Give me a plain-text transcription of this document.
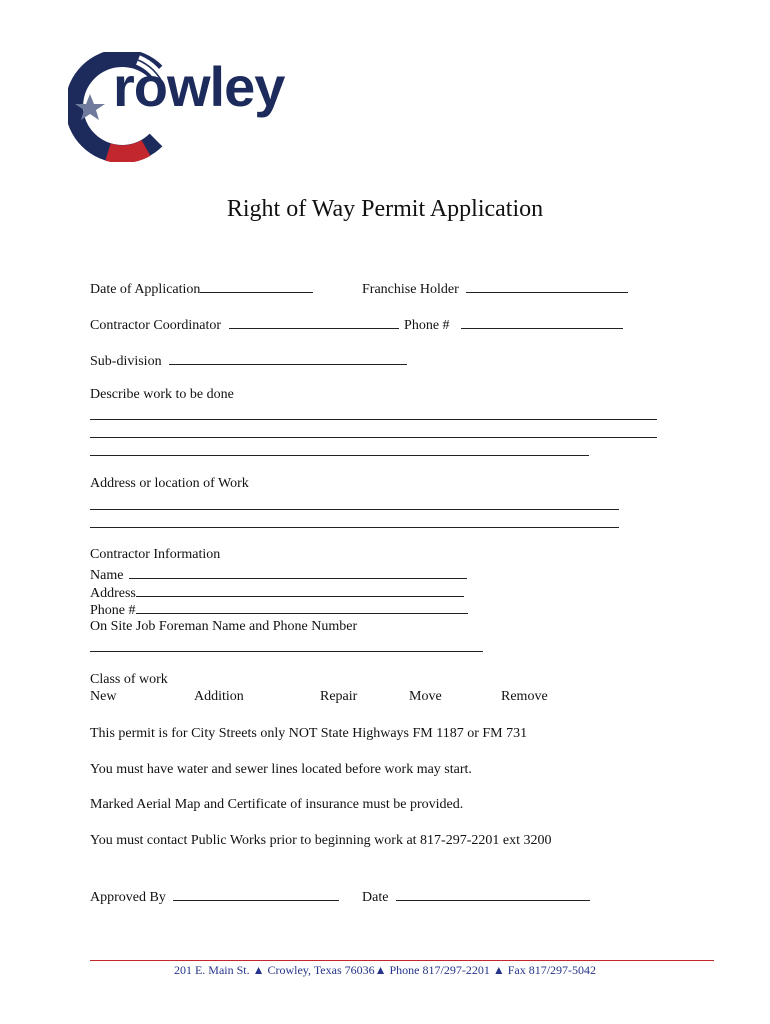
rowley
Right of Way Permit Application
Date of Application	Franchise Holder
Contractor Coordinator	Phone #
Sub-division
Describe work to be done
Address or location of Work
Contractor Information
Name
Address
Phone #
On Site Job Foreman Name and Phone Number
Class of work
New	Addition	Repair	Move	Remove
This permit is for City Streets only NOT State Highways FM 1187 or FM 731
You must have water and sewer lines located before work may start.
Marked Aerial Map and Certificate of insurance must be provided.
You must contact Public Works prior to beginning work at 817-297-2201 ext 3200
Approved By	Date
201 E. Main St. ▲ Crowley, Texas 76036▲ Phone 817/297-2201 ▲ Fax 817/297-5042
